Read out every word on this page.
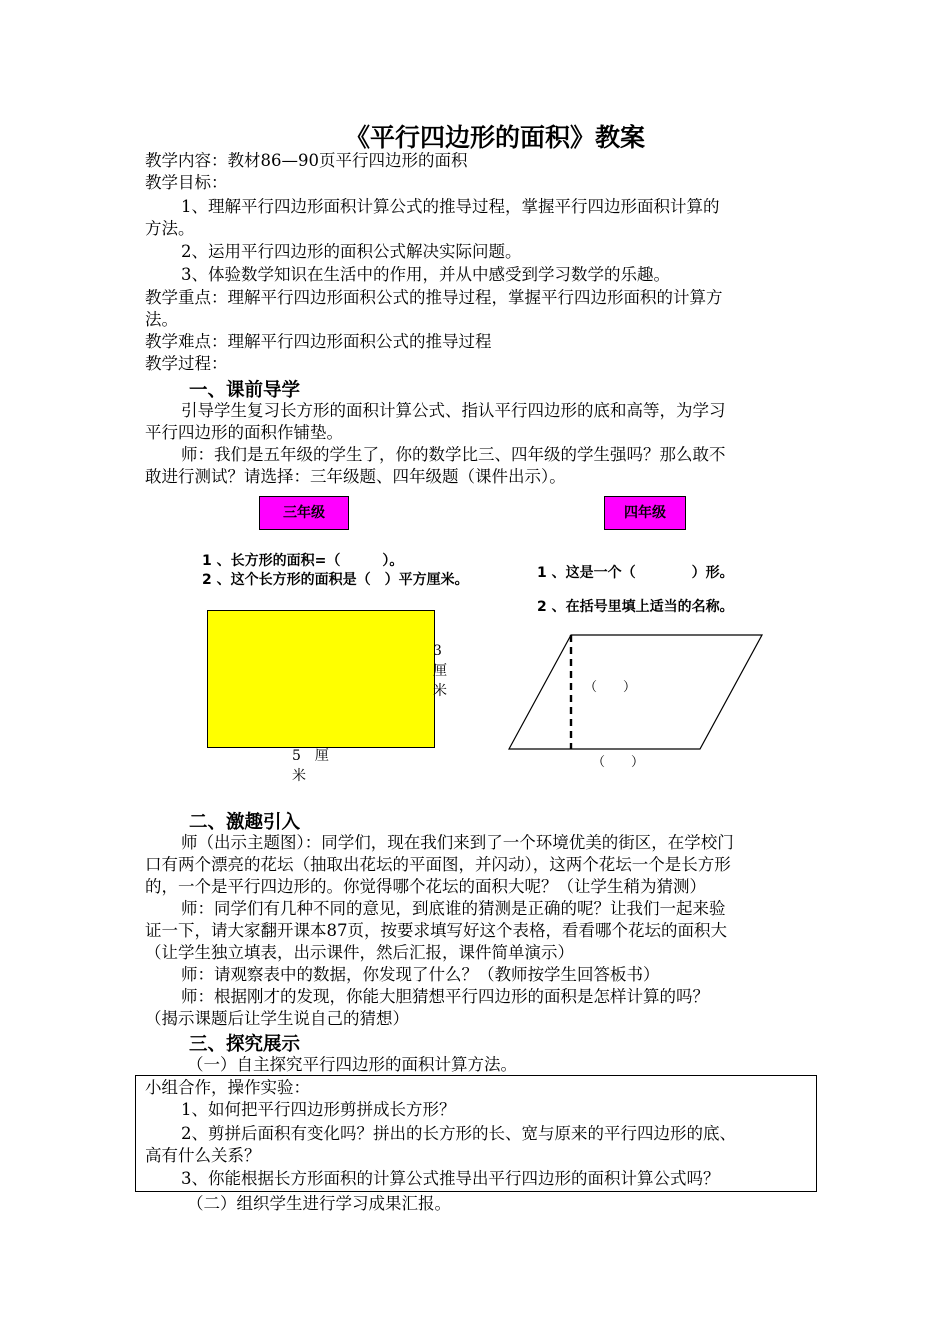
《平行四边形的面积》教案
教学内容：教材86—90页平行四边形的面积
教学目标：
1、理解平行四边形面积计算公式的推导过程，掌握平行四边形面积计算的
方法。
2、运用平行四边形的面积公式解决实际问题。
3、体验数学知识在生活中的作用，并从中感受到学习数学的乐趣。
教学重点：理解平行四边形面积公式的推导过程，掌握平行四边形面积的计算方
法。
教学难点：理解平行四边形面积公式的推导过程
教学过程：
一、课前导学
引导学生复习长方形的面积计算公式、指认平行四边形的底和高等，为学习
平行四边形的面积作铺垫。
师：我们是五年级的学生了，你的数学比三、四年级的学生强吗？那么敢不
敢进行测试？请选择：三年级题、四年级题（课件出示）。
三年级	四年级
1 、长方形的面积=（　　　）。
2 、这个长方形的面积是（　）平方厘米。	1 、这是一个（　　　　）形。
2 、在括号里填上适当的名称。
3
厘
米
5　厘
米
（　　）
（　　）
二、激趣引入
师（出示主题图）：同学们，现在我们来到了一个环境优美的街区，在学校门
口有两个漂亮的花坛（抽取出花坛的平面图，并闪动），这两个花坛一个是长方形
的，一个是平行四边形的。你觉得哪个花坛的面积大呢？（让学生稍为猜测）
师：同学们有几种不同的意见，到底谁的猜测是正确的呢？让我们一起来验
证一下，请大家翻开课本87页，按要求填写好这个表格，看看哪个花坛的面积大
（让学生独立填表，出示课件，然后汇报，课件简单演示）
师：请观察表中的数据，你发现了什么？（教师按学生回答板书）
师：根据刚才的发现，你能大胆猜想平行四边形的面积是怎样计算的吗？
（揭示课题后让学生说自己的猜想）
三、探究展示
（一）自主探究平行四边形的面积计算方法。
小组合作，操作实验：
1、如何把平行四边形剪拼成长方形？
2、剪拼后面积有变化吗？拼出的长方形的长、宽与原来的平行四边形的底、
高有什么关系？
3、你能根据长方形面积的计算公式推导出平行四边形的面积计算公式吗？
（二）组织学生进行学习成果汇报。
